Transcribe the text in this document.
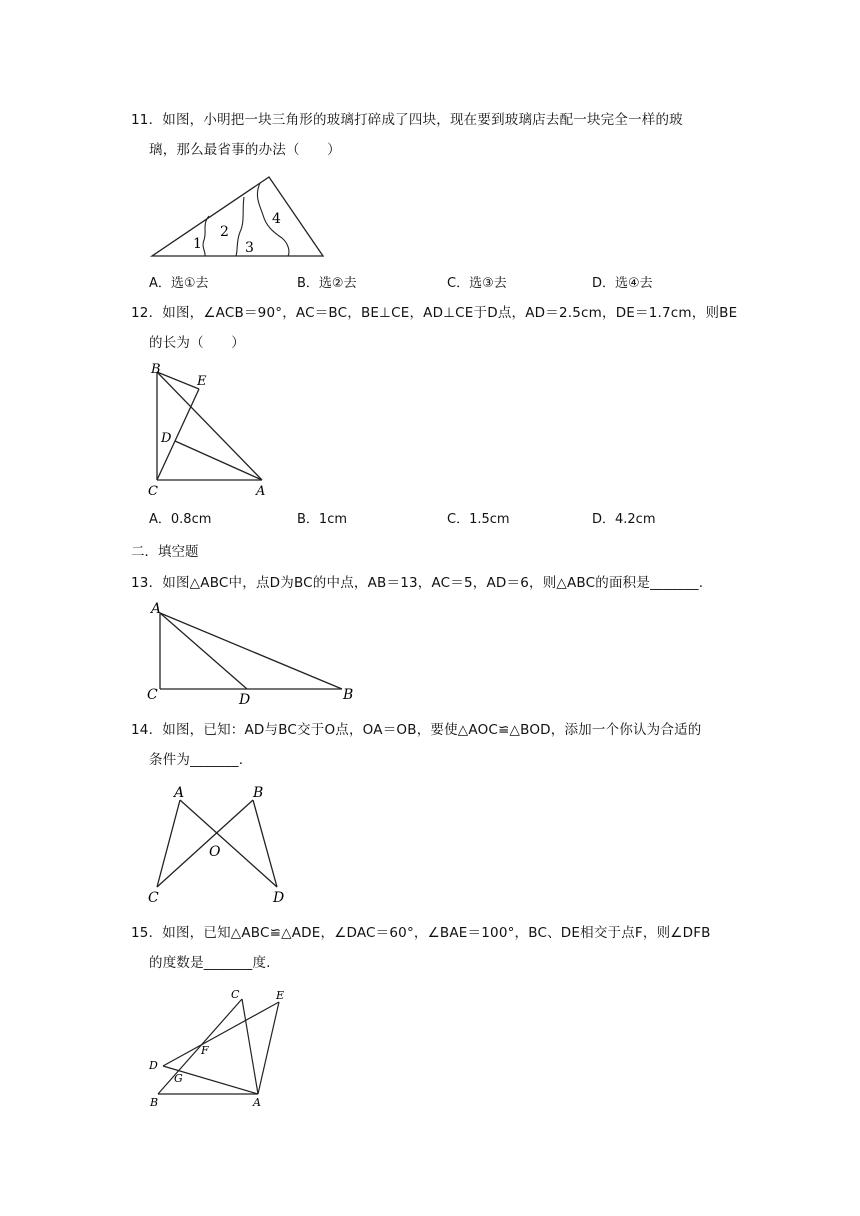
11．如图，小明把一块三角形的玻璃打碎成了四块，现在要到玻璃店去配一块完全一样的玻

璃，那么最省事的办法（　　）

1
2
3
4
A．选①去	B．选②去	C．选③去	D．选④去

12．如图，∠ACB＝90°，AC＝BC，BE⊥CE，AD⊥CE于D点，AD＝2.5cm，DE＝1.7cm，则BE

的长为（　　）

B
E
D
C	A
A．0.8cm	B．1cm	C．1.5cm	D．4.2cm
二．填空题

13．如图△ABC中，点D为BC的中点，AB＝13，AC＝5，AD＝6，则△ABC的面积是_______.

A
C	D	B

14．如图，已知：AD与BC交于O点，OA＝OB，要使△AOC≌△BOD，添加一个你认为合适的

条件为_______.

A	B
O
C	D

15．如图，已知△ABC≌△ADE，∠DAC＝60°，∠BAE＝100°，BC、DE相交于点F，则∠DFB

的度数是_______度.

C	E
F
D
G
B	A
